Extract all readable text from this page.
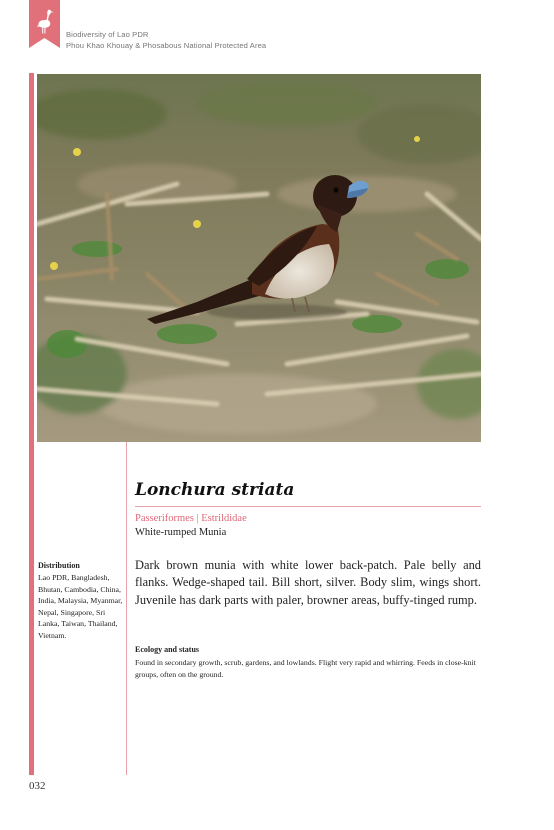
Biodiversity of Lao PDR
Phou Khao Khouay & Phosabous National Protected Area
Lonchura striata
Passeriformes | Estrildidae
White-rumped Munia
Dark brown munia with white lower back-patch. Pale belly and flanks. Wedge-shaped tail. Bill short, silver. Body slim, wings short. Juvenile has dark parts with paler, browner areas, buffy-tinged rump.
Ecology and status
Found in secondary growth, scrub, gardens, and lowlands. Flight very rapid and whirring. Feeds in close-knit groups, often on the ground.
Distribution
Lao PDR, Bangladesh, Bhutan, Cambodia, China, India, Malaysia, Myanmar, Nepal, Singapore, Sri Lanka, Taiwan, Thailand, Vietnam.
032
